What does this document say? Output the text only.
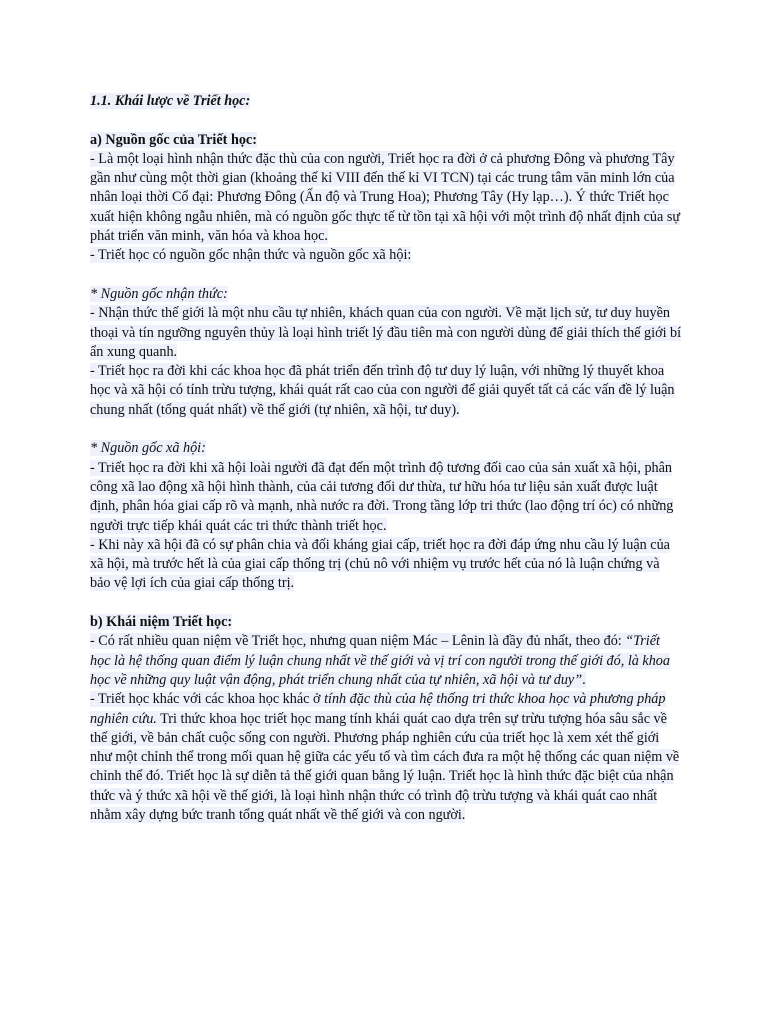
1.1. Khái lược về Triết học:

a) Nguồn gốc của Triết học:

- Là một loại hình nhận thức đặc thù của con người, Triết học ra đời ở cả phương Đông và phương Tây gần như cùng một thời gian (khoảng thế kỉ VIII đến thế kỉ VI TCN) tại các trung tâm văn minh lớn của nhân loại thời Cổ đại: Phương Đông (Ấn độ và Trung Hoa); Phương Tây (Hy lạp…). Ý thức Triết học xuất hiện không ngẫu nhiên, mà có nguồn gốc thực tế từ tồn tại xã hội với một trình độ nhất định của sự phát triển văn minh, văn hóa và khoa học.

- Triết học có nguồn gốc nhận thức và nguồn gốc xã hội:

* Nguồn gốc nhận thức:

- Nhận thức thế giới là một nhu cầu tự nhiên, khách quan của con người. Về mặt lịch sử, tư duy huyền thoại và tín ngưỡng nguyên thủy là loại hình triết lý đầu tiên mà con người dùng để giải thích thế giới bí ẩn xung quanh.

- Triết học ra đời khi các khoa học đã phát triển đến trình độ tư duy lý luận, với những lý thuyết khoa học và xã hội có tính trừu tượng, khái quát rất cao của con người để giải quyết tất cả các vấn đề lý luận chung nhất (tổng quát nhất) về thế giới (tự nhiên, xã hội, tư duy).

* Nguồn gốc xã hội:

- Triết học ra đời khi xã hội loài người đã đạt đến một trình độ tương đối cao của sản xuất xã hội, phân công xã lao động xã hội hình thành, của cải tương đối dư thừa, tư hữu hóa tư liệu sản xuất được luật định, phân hóa giai cấp rõ và mạnh, nhà nước ra đời. Trong tầng lớp tri thức (lao động trí óc) có những người trực tiếp khái quát các tri thức thành triết học.

- Khi này xã hội đã có sự phân chia và đối kháng giai cấp, triết học ra đời đáp ứng nhu cầu lý luận của xã hội, mà trước hết là của giai cấp thống trị (chủ nô với nhiệm vụ trước hết của nó là luận chứng và bảo vệ lợi ích của giai cấp thống trị.

b) Khái niệm Triết học:

- Có rất nhiều quan niệm về Triết học, nhưng quan niệm Mác – Lênin là đầy đủ nhất, theo đó: “Triết học là hệ thống quan điểm lý luận chung nhất về thế giới và vị trí con người trong thế giới đó, là khoa học về những quy luật vận động, phát triển chung nhất của tự nhiên, xã hội và tư duy”.

- Triết học khác với các khoa học khác ở tính đặc thù của hệ thống tri thức khoa học và phương pháp nghiên cứu. Tri thức khoa học triết học mang tính khái quát cao dựa trên sự trừu tượng hóa sâu sắc về thế giới, về bản chất cuộc sống con người. Phương pháp nghiên cứu của triết học là xem xét thế giới như một chỉnh thể trong mối quan hệ giữa các yếu tố và tìm cách đưa ra một hệ thống các quan niệm về chỉnh thể đó. Triết học là sự diễn tả thế giới quan bằng lý luận. Triết học là hình thức đặc biệt của nhận thức và ý thức xã hội về thế giới, là loại hình nhận thức có trình độ trừu tượng và khái quát cao nhất nhằm xây dựng bức tranh tổng quát nhất về thế giới và con người.
